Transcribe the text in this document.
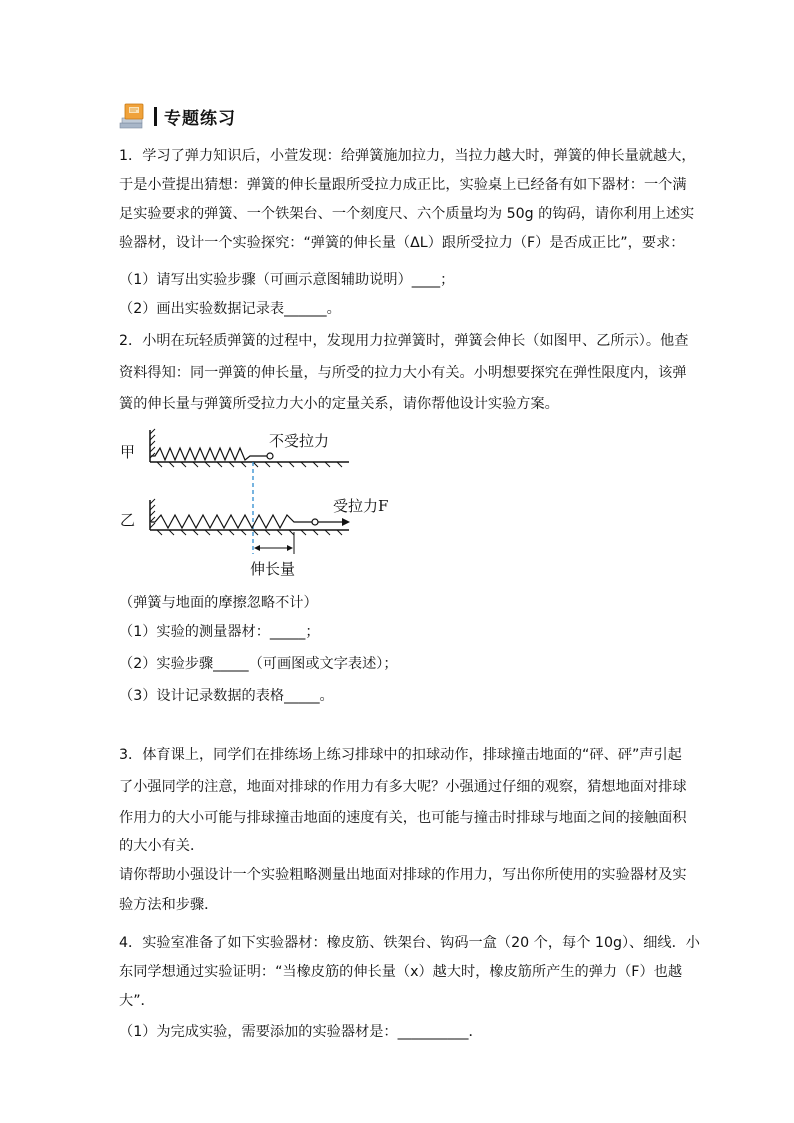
专题练习
1．学习了弹力知识后，小萱发现：给弹簧施加拉力，当拉力越大时，弹簧的伸长量就越大，
于是小萱提出猜想：弹簧的伸长量跟所受拉力成正比，实验桌上已经备有如下器材：一个满
足实验要求的弹簧、一个铁架台、一个刻度尺、六个质量均为 50g 的钩码，请你利用上述实
验器材，设计一个实验探究：“弹簧的伸长量（ΔL）跟所受拉力（F）是否成正比”，要求：
（1）请写出实验步骤（可画示意图辅助说明）____；
（2）画出实验数据记录表______。
2．小明在玩轻质弹簧的过程中，发现用力拉弹簧时，弹簧会伸长（如图甲、乙所示）。他查
资料得知：同一弹簧的伸长量，与所受的拉力大小有关。小明想要探究在弹性限度内，该弹
簧的伸长量与弹簧所受拉力大小的定量关系，请你帮他设计实验方案。
甲
不受拉力
乙
受拉力F
伸长量
（弹簧与地面的摩擦忽略不计）
（1）实验的测量器材：_____；
（2）实验步骤_____（可画图或文字表述）；
（3）设计记录数据的表格_____。
3．体育课上，同学们在排练场上练习排球中的扣球动作，排球撞击地面的“砰、砰”声引起
了小强同学的注意，地面对排球的作用力有多大呢？小强通过仔细的观察，猜想地面对排球
作用力的大小可能与排球撞击地面的速度有关，也可能与撞击时排球与地面之间的接触面积
的大小有关．
请你帮助小强设计一个实验粗略测量出地面对排球的作用力，写出你所使用的实验器材及实
验方法和步骤．
4．实验室准备了如下实验器材：橡皮筋、铁架台、钩码一盒（20 个，每个 10g）、细线．小
东同学想通过实验证明：“当橡皮筋的伸长量（x）越大时，橡皮筋所产生的弹力（F）也越
大”．
（1）为完成实验，需要添加的实验器材是：__________．
